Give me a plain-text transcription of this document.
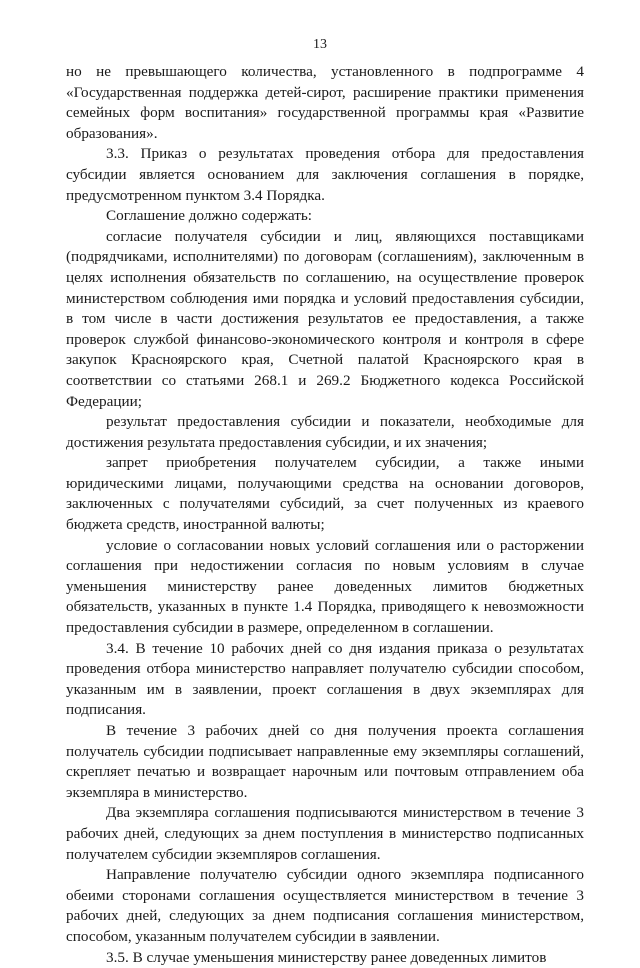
13

но не превышающего количества, установленного в подпрограмме 4 «Государственная поддержка детей-сирот, расширение практики применения семейных форм воспитания» государственной программы края «Развитие образования».

3.3. Приказ о результатах проведения отбора для предоставления субсидии является основанием для заключения соглашения в порядке, предусмотренном пунктом 3.4 Порядка.

Соглашение должно содержать:

согласие получателя субсидии и лиц, являющихся поставщиками (подрядчиками, исполнителями) по договорам (соглашениям), заключенным в целях исполнения обязательств по соглашению, на осуществление проверок министерством соблюдения ими порядка и условий предоставления субсидии, в том числе в части достижения результатов ее предоставления, а также проверок службой финансово-экономического контроля и контроля в сфере закупок Красноярского края, Счетной палатой Красноярского края в соответствии со статьями 268.1 и 269.2 Бюджетного кодекса Российской Федерации;

результат предоставления субсидии и показатели, необходимые для достижения результата предоставления субсидии, и их значения;

запрет приобретения получателем субсидии, а также иными юридическими лицами, получающими средства на основании договоров, заключенных с получателями субсидий, за счет полученных из краевого бюджета средств, иностранной валюты;

условие о согласовании новых условий соглашения или о расторжении соглашения при недостижении согласия по новым условиям в случае уменьшения министерству ранее доведенных лимитов бюджетных обязательств, указанных в пункте 1.4 Порядка, приводящего к невозможности предоставления субсидии в размере, определенном в соглашении.

3.4. В течение 10 рабочих дней со дня издания приказа о результатах проведения отбора министерство направляет получателю субсидии способом, указанным им в заявлении, проект соглашения в двух экземплярах для подписания.

В течение 3 рабочих дней со дня получения проекта соглашения получатель субсидии подписывает направленные ему экземпляры соглашений, скрепляет печатью и возвращает нарочным или почтовым отправлением оба экземпляра в министерство.

Два экземпляра соглашения подписываются министерством в течение 3 рабочих дней, следующих за днем поступления в министерство подписанных получателем субсидии экземпляров соглашения.

Направление получателю субсидии одного экземпляра подписанного обеими сторонами соглашения осуществляется министерством в течение 3 рабочих дней, следующих за днем подписания соглашения министерством, способом, указанным получателем субсидии в заявлении.

3.5. В случае уменьшения министерству ранее доведенных лимитов
